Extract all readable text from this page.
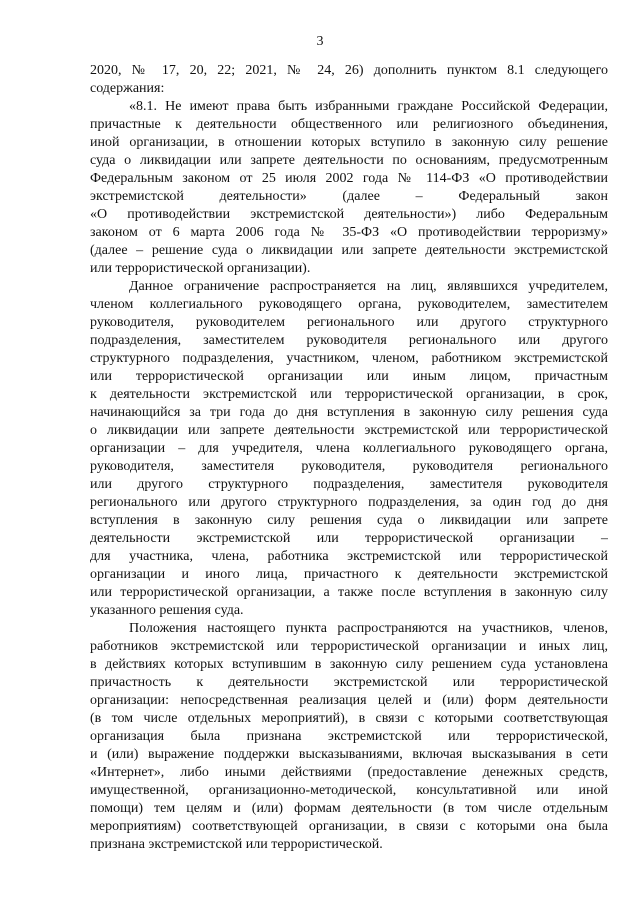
3
2020, № 17, 20, 22; 2021, № 24, 26) дополнить пунктом 8.1 следующего
содержания:
«8.1. Не имеют права быть избранными граждане Российской Федерации,
причастные к деятельности общественного или религиозного объединения,
иной организации, в отношении которых вступило в законную силу решение
суда о ликвидации или запрете деятельности по основаниям, предусмотренным
Федеральным законом от 25 июля 2002 года № 114-ФЗ «О противодействии
экстремистской деятельности» (далее – Федеральный закон
«О противодействии экстремистской деятельности») либо Федеральным
законом от 6 марта 2006 года № 35-ФЗ «О противодействии терроризму»
(далее – решение суда о ликвидации или запрете деятельности экстремистской
или террористической организации).
Данное ограничение распространяется на лиц, являвшихся учредителем,
членом коллегиального руководящего органа, руководителем, заместителем
руководителя, руководителем регионального или другого структурного
подразделения, заместителем руководителя регионального или другого
структурного подразделения, участником, членом, работником экстремистской
или террористической организации или иным лицом, причастным
к деятельности экстремистской или террористической организации, в срок,
начинающийся за три года до дня вступления в законную силу решения суда
о ликвидации или запрете деятельности экстремистской или террористической
организации – для учредителя, члена коллегиального руководящего органа,
руководителя, заместителя руководителя, руководителя регионального
или другого структурного подразделения, заместителя руководителя
регионального или другого структурного подразделения, за один год до дня
вступления в законную силу решения суда о ликвидации или запрете
деятельности экстремистской или террористической организации –
для участника, члена, работника экстремистской или террористической
организации и иного лица, причастного к деятельности экстремистской
или террористической организации, а также после вступления в законную силу
указанного решения суда.
Положения настоящего пункта распространяются на участников, членов,
работников экстремистской или террористической организации и иных лиц,
в действиях которых вступившим в законную силу решением суда установлена
причастность к деятельности экстремистской или террористической
организации: непосредственная реализация целей и (или) форм деятельности
(в том числе отдельных мероприятий), в связи с которыми соответствующая
организация была признана экстремистской или террористической,
и (или) выражение поддержки высказываниями, включая высказывания в сети
«Интернет», либо иными действиями (предоставление денежных средств,
имущественной, организационно-методической, консультативной или иной
помощи) тем целям и (или) формам деятельности (в том числе отдельным
мероприятиям) соответствующей организации, в связи с которыми она была
признана экстремистской или террористической.
